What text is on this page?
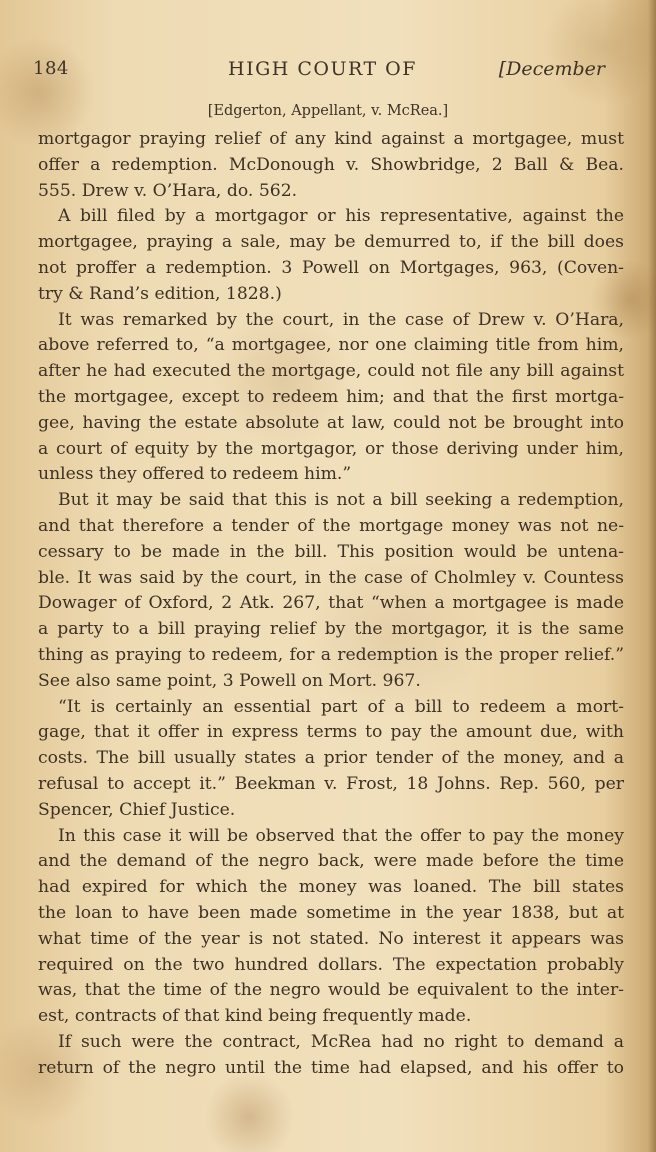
184	HIGH COURT OF	[December
[Edgerton, Appellant, v. McRea.]
mortgagor praying relief of any kind against a mortgagee, must
offer a redemption. McDonough v. Showbridge, 2 Ball & Bea.
555. Drew v. O’Hara, do. 562.
A bill filed by a mortgagor or his representative, against the
mortgagee, praying a sale, may be demurred to, if the bill does
not proffer a redemption. 3 Powell on Mortgages, 963, (Coven-
try & Rand’s edition, 1828.)
It was remarked by the court, in the case of Drew v. O’Hara,
above referred to, “a mortgagee, nor one claiming title from him,
after he had executed the mortgage, could not file any bill against
the mortgagee, except to redeem him; and that the first mortga-
gee, having the estate absolute at law, could not be brought into
a court of equity by the mortgagor, or those deriving under him,
unless they offered to redeem him.”
But it may be said that this is not a bill seeking a redemption,
and that therefore a tender of the mortgage money was not ne-
cessary to be made in the bill. This position would be untena-
ble. It was said by the court, in the case of Cholmley v. Countess
Dowager of Oxford, 2 Atk. 267, that “when a mortgagee is made
a party to a bill praying relief by the mortgagor, it is the same
thing as praying to redeem, for a redemption is the proper relief.”
See also same point, 3 Powell on Mort. 967.
“It is certainly an essential part of a bill to redeem a mort-
gage, that it offer in express terms to pay the amount due, with
costs. The bill usually states a prior tender of the money, and a
refusal to accept it.” Beekman v. Frost, 18 Johns. Rep. 560, per
Spencer, Chief Justice.
In this case it will be observed that the offer to pay the money
and the demand of the negro back, were made before the time
had expired for which the money was loaned. The bill states
the loan to have been made sometime in the year 1838, but at
what time of the year is not stated. No interest it appears was
required on the two hundred dollars. The expectation probably
was, that the time of the negro would be equivalent to the inter-
est, contracts of that kind being frequently made.
If such were the contract, McRea had no right to demand a
return of the negro until the time had elapsed, and his offer to
